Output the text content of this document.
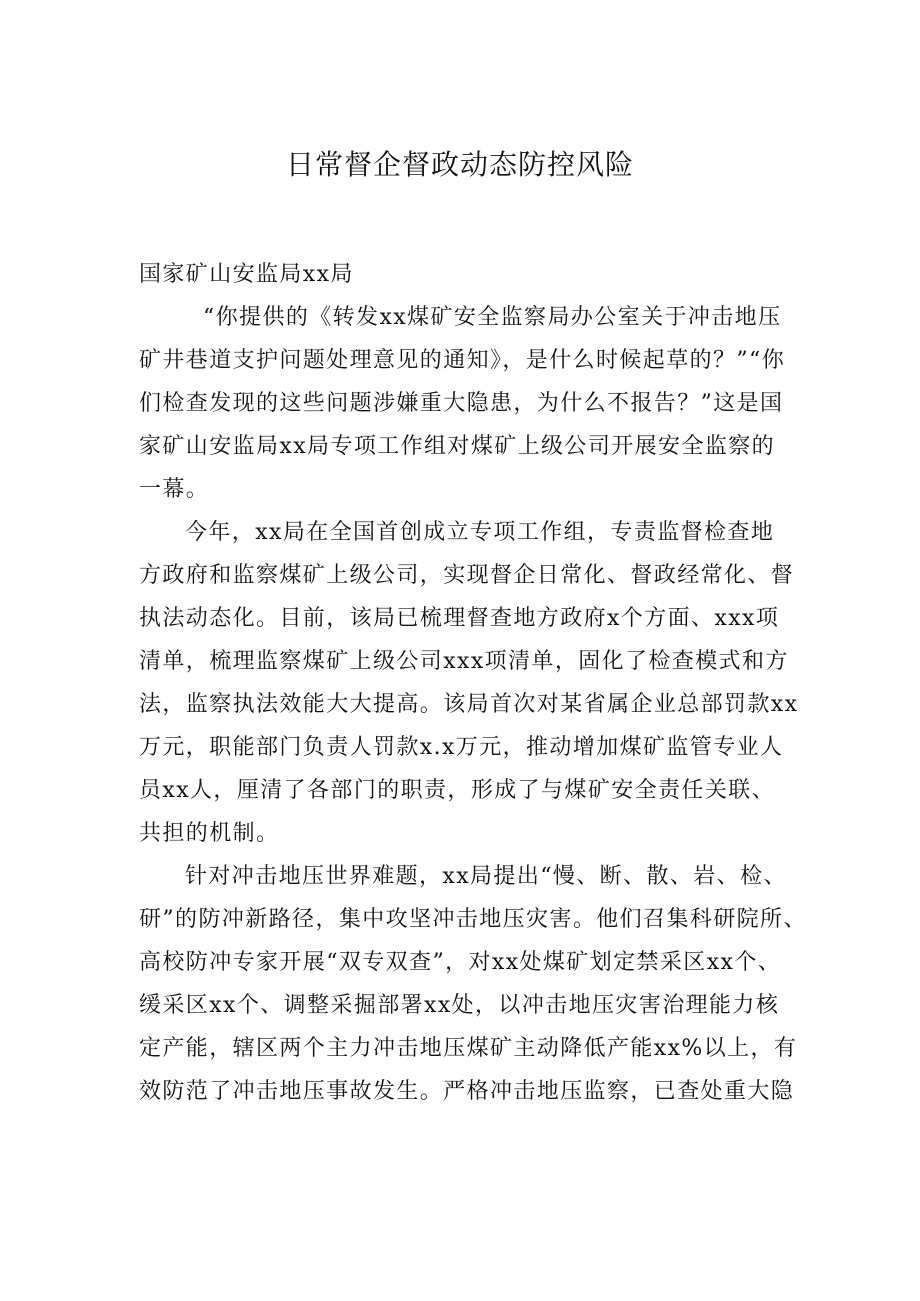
日常督企督政动态防控风险
国家矿山安监局xx局
“你提供的《转发xx煤矿安全监察局办公室关于冲击地压
矿井巷道支护问题处理意见的通知》，是什么时候起草的？”“你
们检查发现的这些问题涉嫌重大隐患，为什么不报告？”这是国
家矿山安监局xx局专项工作组对煤矿上级公司开展安全监察的
一幕。
今年，xx局在全国首创成立专项工作组，专责监督检查地
方政府和监察煤矿上级公司，实现督企日常化、督政经常化、督
执法动态化。目前，该局已梳理督查地方政府x个方面、xxx项
清单，梳理监察煤矿上级公司xxx项清单，固化了检查模式和方
法，监察执法效能大大提高。该局首次对某省属企业总部罚款xx
万元，职能部门负责人罚款x.x万元，推动增加煤矿监管专业人
员xx人，厘清了各部门的职责，形成了与煤矿安全责任关联、
共担的机制。
针对冲击地压世界难题，xx局提出“慢、断、散、岩、检、
研”的防冲新路径，集中攻坚冲击地压灾害。他们召集科研院所、
高校防冲专家开展“双专双查”，对xx处煤矿划定禁采区xx个、
缓采区xx个、调整采掘部署xx处，以冲击地压灾害治理能力核
定产能，辖区两个主力冲击地压煤矿主动降低产能xx%以上，有
效防范了冲击地压事故发生。严格冲击地压监察，已查处重大隐
